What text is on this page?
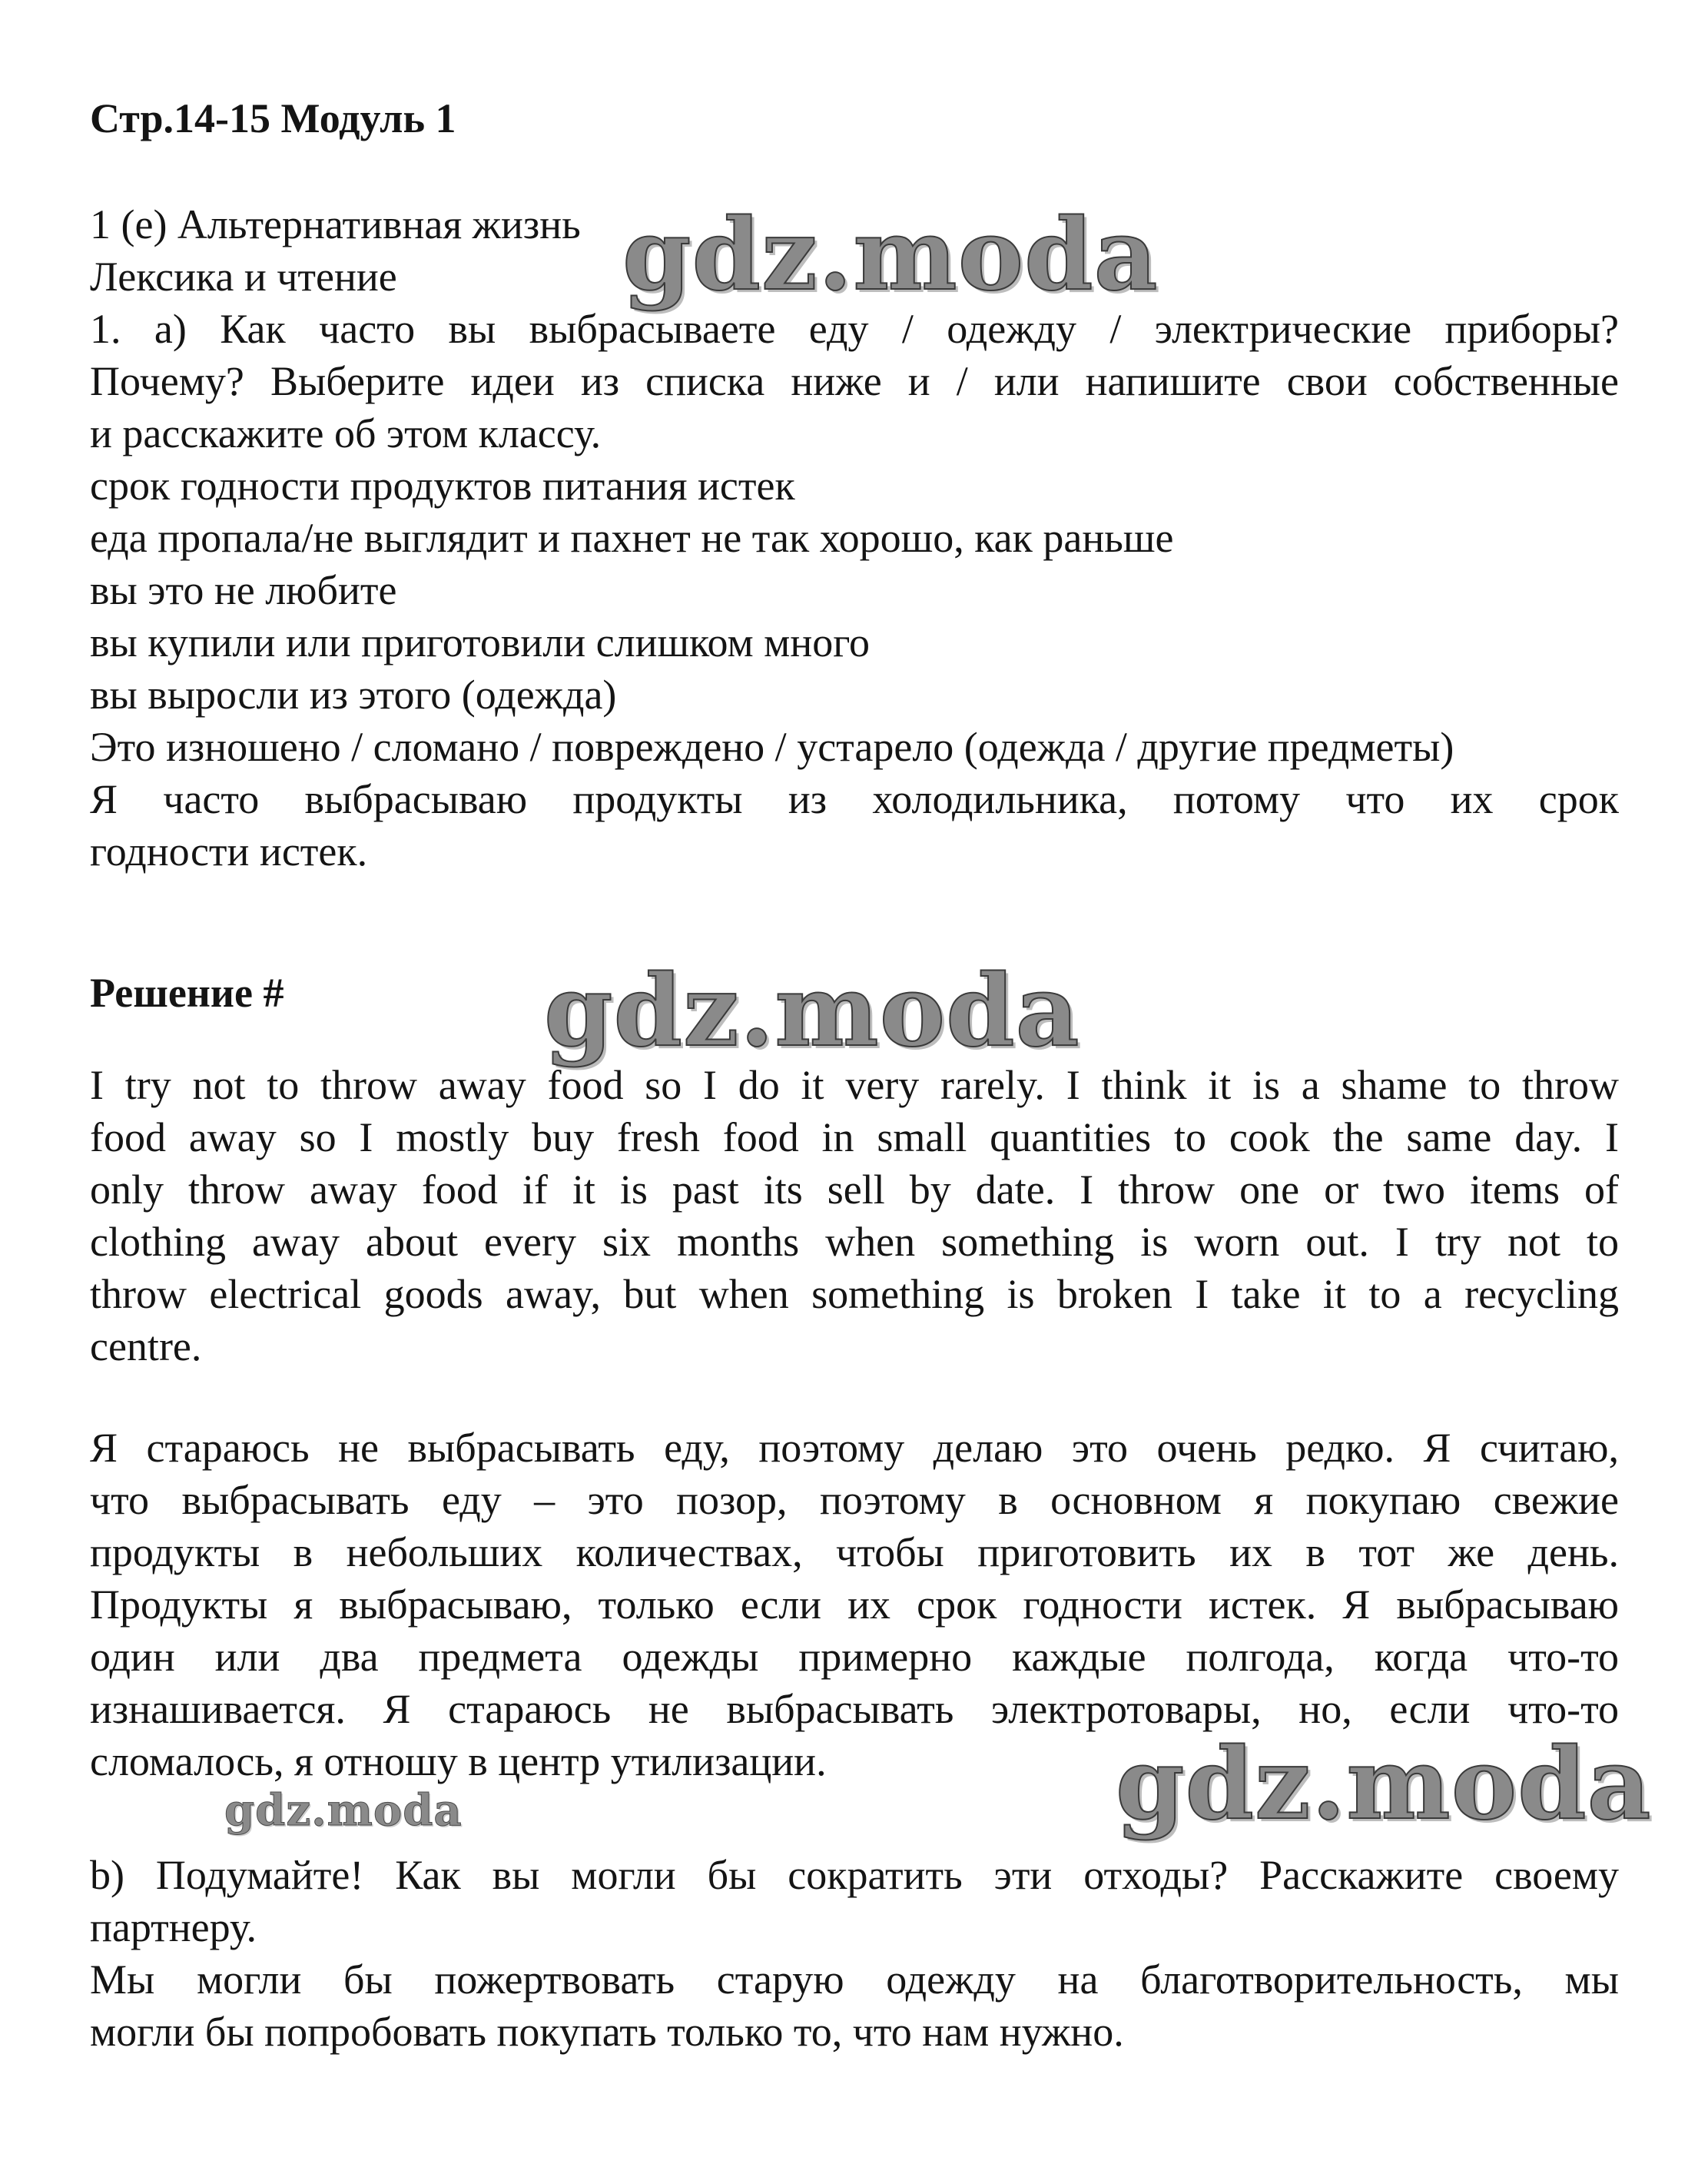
Стр.14-15 Модуль 1
1 (e) Альтернативная жизнь
Лексика и чтение
1. a) Как часто вы выбрасываете еду / одежду / электрические приборы?
Почему? Выберите идеи из списка ниже и / или напишите свои собственные
и расскажите об этом классу.
срок годности продуктов питания истек
еда пропала/не выглядит и пахнет не так хорошо, как раньше
вы это не любите
вы купили или приготовили слишком много
вы выросли из этого (одежда)
Это изношено / сломано / повреждено / устарело (одежда / другие предметы)
Я часто выбрасываю продукты из холодильника, потому что их срок
годности истек.
Решение #
I try not to throw away food so I do it very rarely. I think it is a shame to throw
food away so I mostly buy fresh food in small quantities to cook the same day. I
only throw away food if it is past its sell by date. I throw one or two items of
clothing away about every six months when something is worn out. I try not to
throw electrical goods away, but when something is broken I take it to a recycling
centre.
Я стараюсь не выбрасывать еду, поэтому делаю это очень редко. Я считаю,
что выбрасывать еду – это позор, поэтому в основном я покупаю свежие
продукты в небольших количествах, чтобы приготовить их в тот же день.
Продукты я выбрасываю, только если их срок годности истек. Я выбрасываю
один или два предмета одежды примерно каждые полгода, когда что-то
изнашивается. Я стараюсь не выбрасывать электротовары, но, если что-то
сломалось, я отношу в центр утилизации.
b) Подумайте! Как вы могли бы сократить эти отходы? Расскажите своему
партнеру.
Мы могли бы пожертвовать старую одежду на благотворительность, мы
могли бы попробовать покупать только то, что нам нужно.
gdz.moda
gdz.moda
gdz.moda
gdz.moda
